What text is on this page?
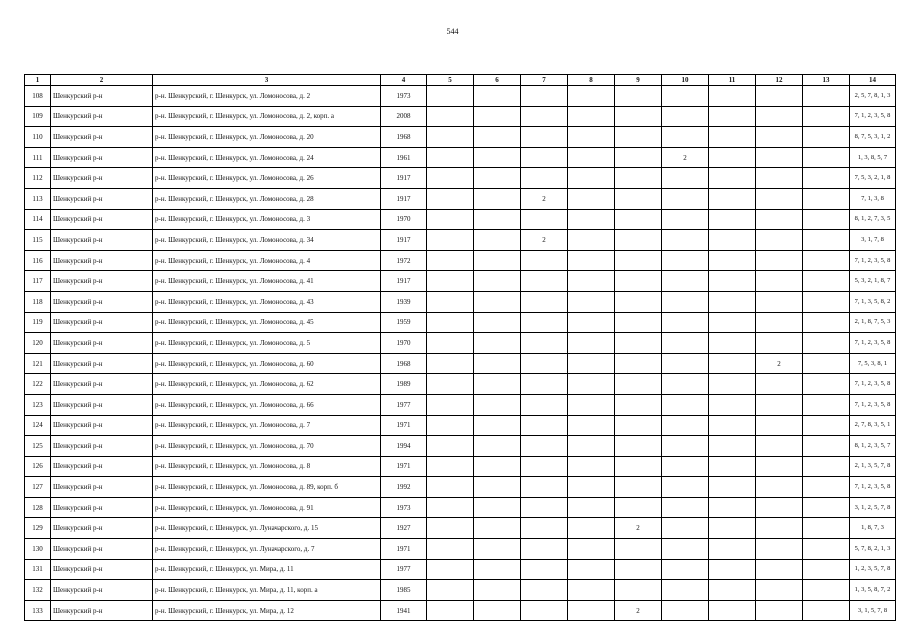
544
1	2	3	4	5	6	7	8	9	10	11	12	13	14
108	Шенкурский р-н	р-н. Шенкурский, г. Шенкурск, ул. Ломоносова, д. 2	1973										2, 5, 7, 8, 1, 3
109	Шенкурский р-н	р-н. Шенкурский, г. Шенкурск, ул. Ломоносова, д. 2, корп. а	2008										7, 1, 2, 3, 5, 8
110	Шенкурский р-н	р-н. Шенкурский, г. Шенкурск, ул. Ломоносова, д. 20	1968										8, 7, 5, 3, 1, 2
111	Шенкурский р-н	р-н. Шенкурский, г. Шенкурск, ул. Ломоносова, д. 24	1961						2				1, 3, 8, 5, 7
112	Шенкурский р-н	р-н. Шенкурский, г. Шенкурск, ул. Ломоносова, д. 26	1917										7, 5, 3, 2, 1, 8
113	Шенкурский р-н	р-н. Шенкурский, г. Шенкурск, ул. Ломоносова, д. 28	1917			2							7, 1, 3, 8
114	Шенкурский р-н	р-н. Шенкурский, г. Шенкурск, ул. Ломоносова, д. 3	1970										8, 1, 2, 7, 3, 5
115	Шенкурский р-н	р-н. Шенкурский, г. Шенкурск, ул. Ломоносова, д. 34	1917			2							3, 1, 7, 8
116	Шенкурский р-н	р-н. Шенкурский, г. Шенкурск, ул. Ломоносова, д. 4	1972										7, 1, 2, 3, 5, 8
117	Шенкурский р-н	р-н. Шенкурский, г. Шенкурск, ул. Ломоносова, д. 41	1917										5, 3, 2, 1, 8, 7
118	Шенкурский р-н	р-н. Шенкурский, г. Шенкурск, ул. Ломоносова, д. 43	1939										7, 1, 3, 5, 8, 2
119	Шенкурский р-н	р-н. Шенкурский, г. Шенкурск, ул. Ломоносова, д. 45	1959										2, 1, 8, 7, 5, 3
120	Шенкурский р-н	р-н. Шенкурский, г. Шенкурск, ул. Ломоносова, д. 5	1970										7, 1, 2, 3, 5, 8
121	Шенкурский р-н	р-н. Шенкурский, г. Шенкурск, ул. Ломоносова, д. 60	1968								2		7, 5, 3, 8, 1
122	Шенкурский р-н	р-н. Шенкурский, г. Шенкурск, ул. Ломоносова, д. 62	1989										7, 1, 2, 3, 5, 8
123	Шенкурский р-н	р-н. Шенкурский, г. Шенкурск, ул. Ломоносова, д. 66	1977										7, 1, 2, 3, 5, 8
124	Шенкурский р-н	р-н. Шенкурский, г. Шенкурск, ул. Ломоносова, д. 7	1971										2, 7, 8, 3, 5, 1
125	Шенкурский р-н	р-н. Шенкурский, г. Шенкурск, ул. Ломоносова, д. 70	1994										8, 1, 2, 3, 5, 7
126	Шенкурский р-н	р-н. Шенкурский, г. Шенкурск, ул. Ломоносова, д. 8	1971										2, 1, 3, 5, 7, 8
127	Шенкурский р-н	р-н. Шенкурский, г. Шенкурск, ул. Ломоносова, д. 89, корп. б	1992										7, 1, 2, 3, 5, 8
128	Шенкурский р-н	р-н. Шенкурский, г. Шенкурск, ул. Ломоносова, д. 91	1973										3, 1, 2, 5, 7, 8
129	Шенкурский р-н	р-н. Шенкурский, г. Шенкурск, ул. Луначарского, д. 15	1927					2					1, 8, 7, 3
130	Шенкурский р-н	р-н. Шенкурский, г. Шенкурск, ул. Луначарского, д. 7	1971										5, 7, 8, 2, 1, 3
131	Шенкурский р-н	р-н. Шенкурский, г. Шенкурск, ул. Мира, д. 11	1977										1, 2, 3, 5, 7, 8
132	Шенкурский р-н	р-н. Шенкурский, г. Шенкурск, ул. Мира, д. 11, корп. а	1985										1, 3, 5, 8, 7, 2
133	Шенкурский р-н	р-н. Шенкурский, г. Шенкурск, ул. Мира, д. 12	1941					2					3, 1, 5, 7, 8
